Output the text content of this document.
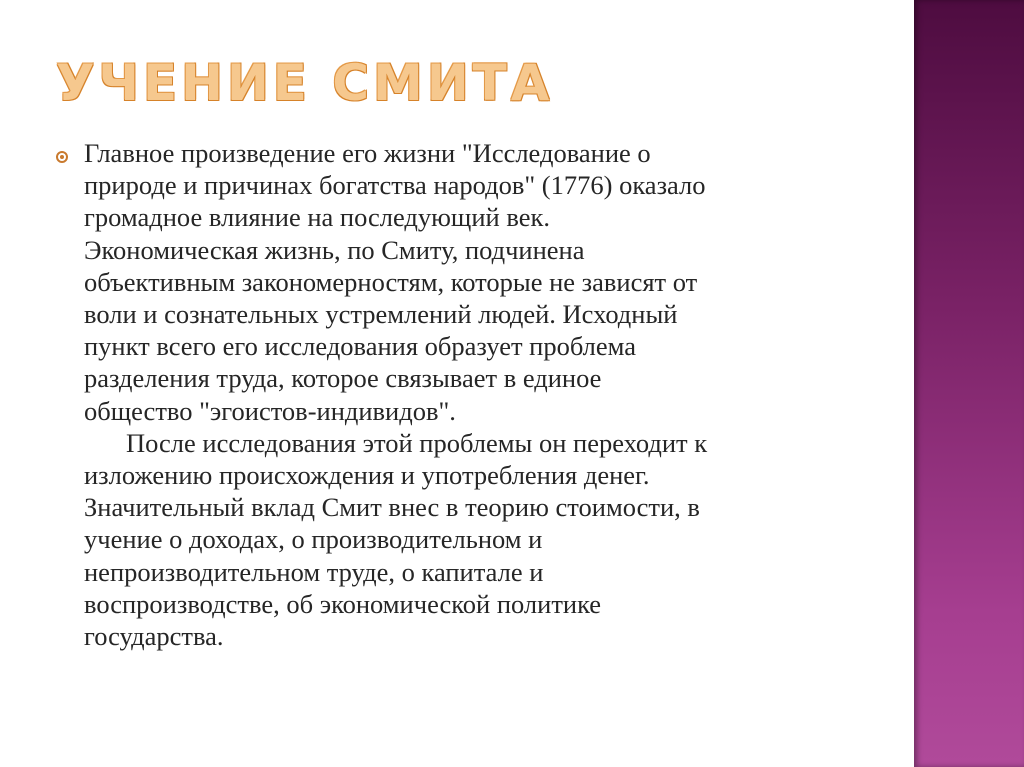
УЧЕНИЕ СМИТА

Главное произведение его жизни "Исследование о
природе и причинах богатства народов" (1776) оказало
громадное влияние на последующий век.
Экономическая жизнь, по Смиту, подчинена
объективным закономерностям, которые не зависят от
воли и сознательных устремлений людей. Исходный
пункт всего его исследования образует проблема
разделения труда, которое связывает в единое
общество "эгоистов-индивидов".
После исследования этой проблемы он переходит к
изложению происхождения и употребления денег.
Значительный вклад Смит внес в теорию стоимости, в
учение о доходах, о производительном и
непроизводительном труде, о капитале и
воспроизводстве, об экономической политике
государства.
